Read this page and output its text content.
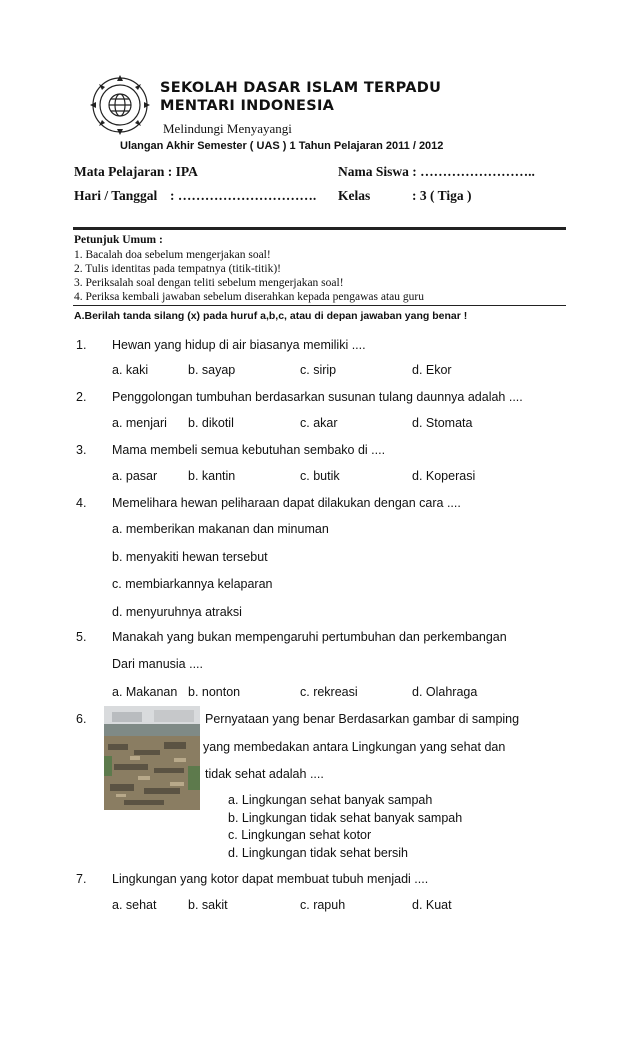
SEKOLAH DASAR ISLAM TERPADU
MENTARI INDONESIA
Melindungi Menyayangi
Ulangan Akhir Semester ( UAS ) 1 Tahun Pelajaran 2011 / 2012
Mata Pelajaran : IPA	Nama Siswa : ……………………..
Hari / Tanggal : …………………………. Kelas	: 3 ( Tiga )
Petunjuk Umum :
1. Bacalah doa sebelum mengerjakan soal!
2. Tulis identitas pada tempatnya (titik-titik)!
3. Periksalah soal dengan teliti sebelum mengerjakan soal!
4. Periksa kembali jawaban sebelum diserahkan kepada pengawas atau guru
A.Berilah tanda silang (x) pada huruf a,b,c, atau di depan jawaban yang benar !
1. Hewan yang hidup di air biasanya memiliki ....
a. kaki	b. sayap	c. sirip	d. Ekor
2. Penggolongan tumbuhan berdasarkan susunan tulang daunnya adalah ....
a. menjari b. dikotil	c. akar	d. Stomata
3. Mama membeli semua kebutuhan sembako di ....
a. pasar b. kantin	c. butik	d. Koperasi
4. Memelihara hewan peliharaan dapat dilakukan dengan cara ....
a. memberikan makanan dan minuman
b. menyakiti hewan tersebut
c. membiarkannya kelaparan
d. menyuruhnya atraksi
5. Manakah yang bukan mempengaruhi pertumbuhan dan perkembangan
Dari manusia ....
a. Makanan b. nonton	c. rekreasi	d. Olahraga
6.	Pernyataan yang benar Berdasarkan gambar di samping
yang membedakan antara Lingkungan yang sehat dan
tidak sehat adalah ....
a. Lingkungan sehat banyak sampah
b. Lingkungan tidak sehat banyak sampah
c. Lingkungan sehat kotor
d. Lingkungan tidak sehat bersih
7. Lingkungan yang kotor dapat membuat tubuh menjadi ....
a. sehat	b. sakit	c. rapuh	d. Kuat
